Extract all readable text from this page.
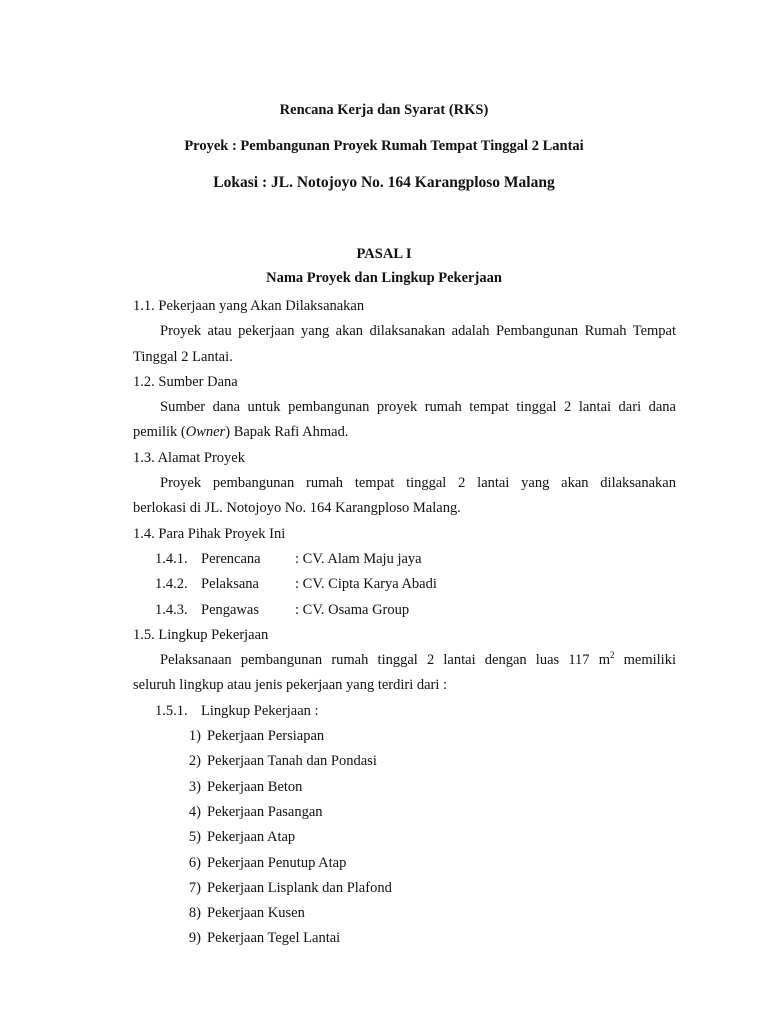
Rencana Kerja dan Syarat (RKS)
Proyek : Pembangunan Proyek Rumah Tempat Tinggal 2 Lantai
Lokasi : JL. Notojoyo No. 164 Karangploso Malang
PASAL I
Nama Proyek dan Lingkup Pekerjaan
1.1. Pekerjaan yang Akan Dilaksanakan
Proyek atau pekerjaan yang akan dilaksanakan adalah Pembangunan Rumah Tempat
Tinggal 2 Lantai.
1.2. Sumber Dana
Sumber dana untuk pembangunan proyek rumah tempat tinggal 2 lantai dari dana
pemilik (Owner) Bapak Rafi Ahmad.
1.3. Alamat Proyek
Proyek pembangunan rumah tempat tinggal 2 lantai yang akan dilaksanakan
berlokasi di JL. Notojoyo No. 164 Karangploso Malang.
1.4. Para Pihak Proyek Ini
1.4.1. Perencana : CV. Alam Maju jaya
1.4.2. Pelaksana : CV. Cipta Karya Abadi
1.4.3. Pengawas : CV. Osama Group
1.5. Lingkup Pekerjaan
Pelaksanaan pembangunan rumah tinggal 2 lantai dengan luas 117 $m^2$ memiliki
seluruh lingkup atau jenis pekerjaan yang terdiri dari :
1.5.1. Lingkup Pekerjaan :
1) Pekerjaan Persiapan
2) Pekerjaan Tanah dan Pondasi
3) Pekerjaan Beton
4) Pekerjaan Pasangan
5) Pekerjaan Atap
6) Pekerjaan Penutup Atap
7) Pekerjaan Lisplank dan Plafond
8) Pekerjaan Kusen
9) Pekerjaan Tegel Lantai
